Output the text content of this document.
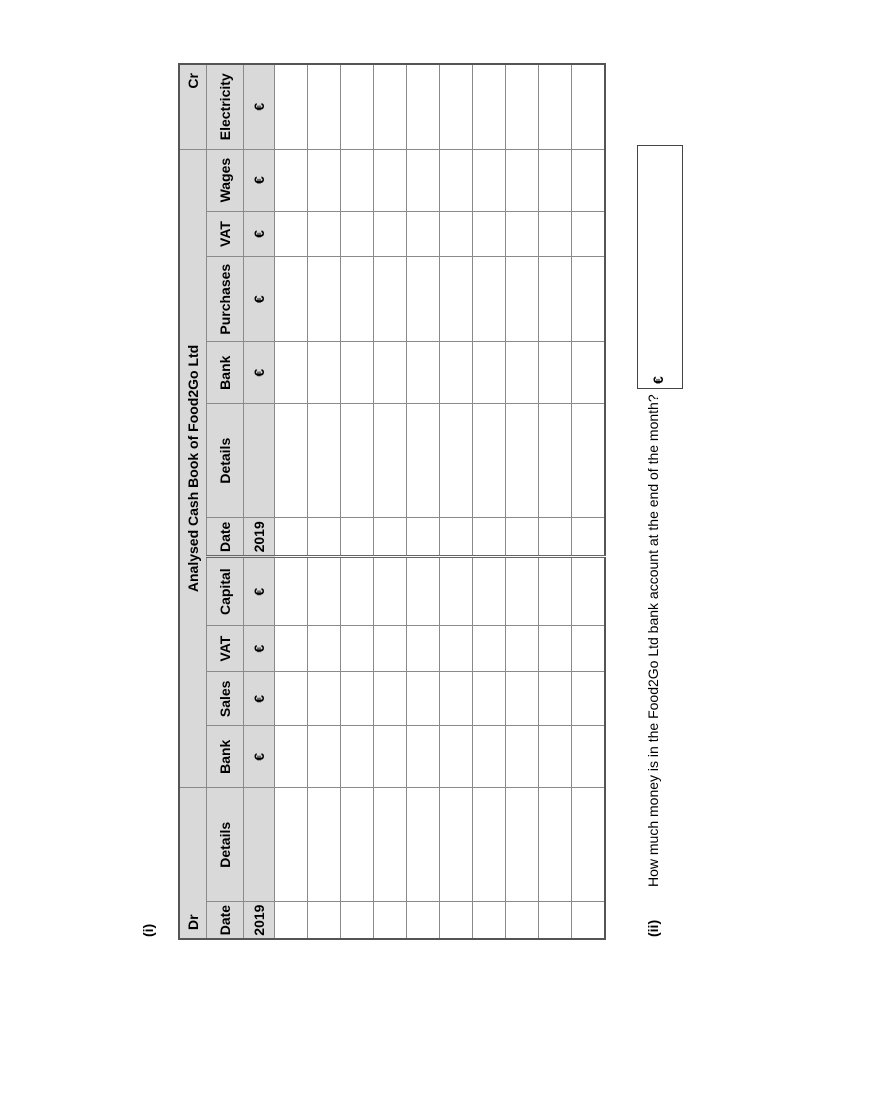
(i)
Dr		Analysed Cash Book of Food2Go Ltd										Cr
Date	Details	Bank	Sales	VAT	Capital	Date	Details	Bank	Purchases	VAT	Wages	Electricity
2019		€	€	€	€	2019		€	€	€	€	€

(ii)
How much money is in the Food2Go Ltd bank account at the end of the month?
€
